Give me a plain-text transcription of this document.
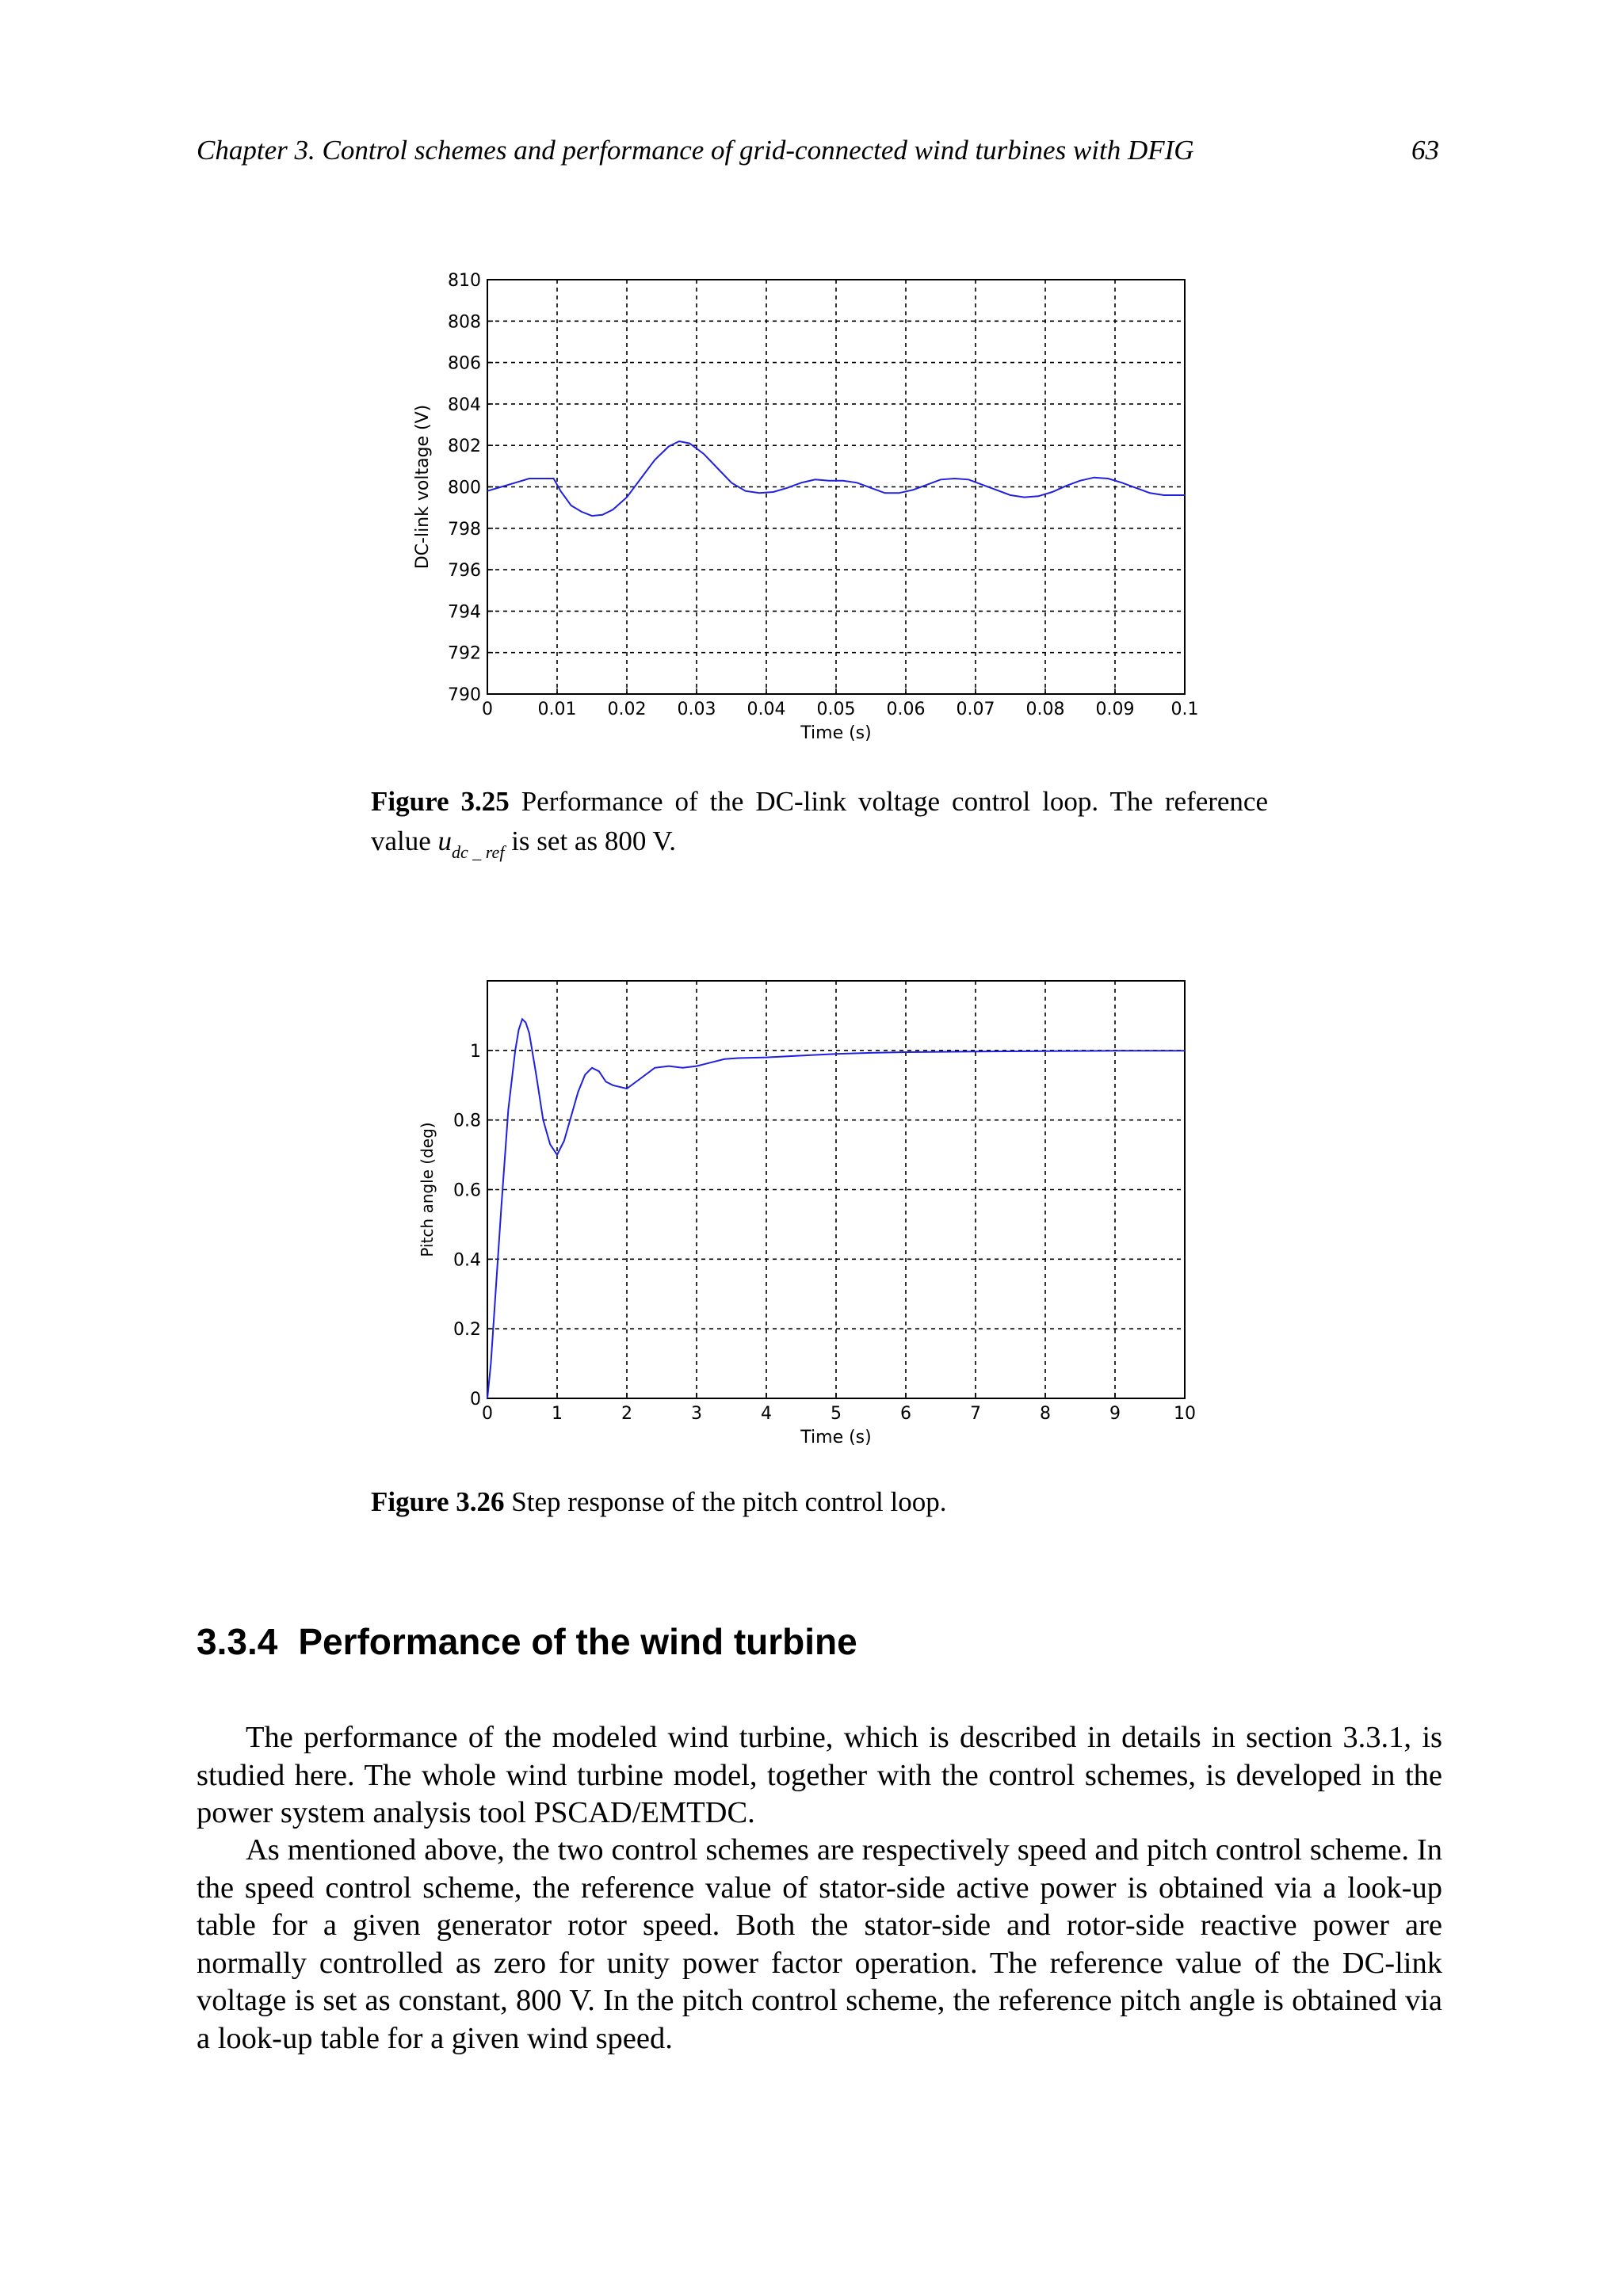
Chapter 3. Control schemes and performance of grid-connected wind turbines with DFIG	63
0	0.01 0.02 0.03 0.04 0.05 0.06 0.07 0.08 0.09 0.1
790
792
794
796
798
800
802
804
806
808
810
Time (s)
DC-link voltage (V)
Figure 3.25 Performance of the DC-link voltage control loop. The reference value $u_{dc \_ ref}$ is set as 800 V.
0	1	2	3	4	5	6	7	8	9	10
0
0.2
0.4
0.6
0.8
1
Time (s)
Pitch angle (deg)
Figure 3.26 Step response of the pitch control loop.
3.3.4 Performance of the wind turbine

The performance of the modeled wind turbine, which is described in details in section 3.3.1, is studied here. The whole wind turbine model, together with the control schemes, is developed in the power system analysis tool PSCAD/EMTDC.

As mentioned above, the two control schemes are respectively speed and pitch control scheme. In the speed control scheme, the reference value of stator-side active power is obtained via a look-up table for a given generator rotor speed. Both the stator-side and rotor-side reactive power are normally controlled as zero for unity power factor operation. The reference value of the DC-link voltage is set as constant, 800 V. In the pitch control scheme, the reference pitch angle is obtained via a look-up table for a given wind speed.
